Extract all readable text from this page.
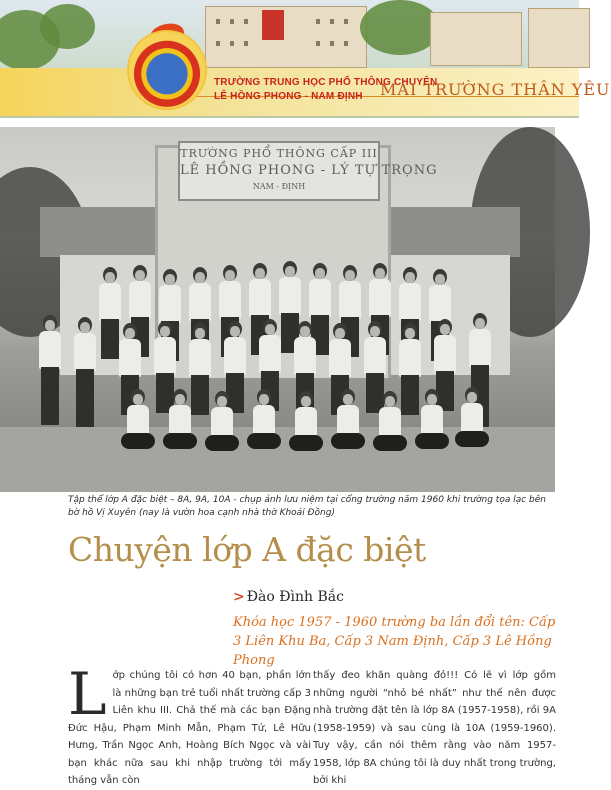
TRƯỜNG TRUNG HỌC PHỔ THÔNG CHUYÊN
LÊ HỒNG PHONG - NAM ĐỊNH MÁI TRƯỜNG THÂN YÊU
TRƯỜNG PHỔ THÔNG CẤP III
LÊ HỒNG PHONG - LÝ TỰ TRỌNG
NAM - ĐỊNH
Tập thể lớp A đặc biệt – 8A, 9A, 10A - chụp ảnh lưu niệm tại cổng trường năm 1960 khi trường tọa lạc bên bờ hồ Vị Xuyên (nay là vườn hoa cạnh nhà thờ Khoái Đồng)
Chuyện lớp A đặc biệt
> Đào Đình Bắc
Khóa học 1957 - 1960 trường ba lần đổi tên: Cấp 3 Liên Khu Ba, Cấp 3 Nam Định, Cấp 3 Lê Hồng Phong
Lớp chúng tôi có hơn 40 bạn, phần lớn là những bạn trẻ tuổi nhất trường cấp 3 Liên khu III. Chả thế mà các bạn Đặng Đức Hậu, Phạm Minh Mẫn, Phạm Tứ, Lê Hữu Hưng, Trần Ngọc Anh, Hoàng Bích Ngọc và vài bạn khác nữa sau khi nhập trường tới mấy tháng vẫn còn
thấy đeo khăn quàng đỏ!!! Có lẽ vì lớp gồm những người “nhỏ bé nhất” như thế nên được nhà trường đặt tên là lớp 8A (1957-1958), rồi 9A (1958-1959) và sau cùng là 10A (1959-1960). Tuy vậy, cần nói thêm rằng vào năm 1957-1958, lớp 8A chúng tôi là duy nhất trong trường, bởi khi
